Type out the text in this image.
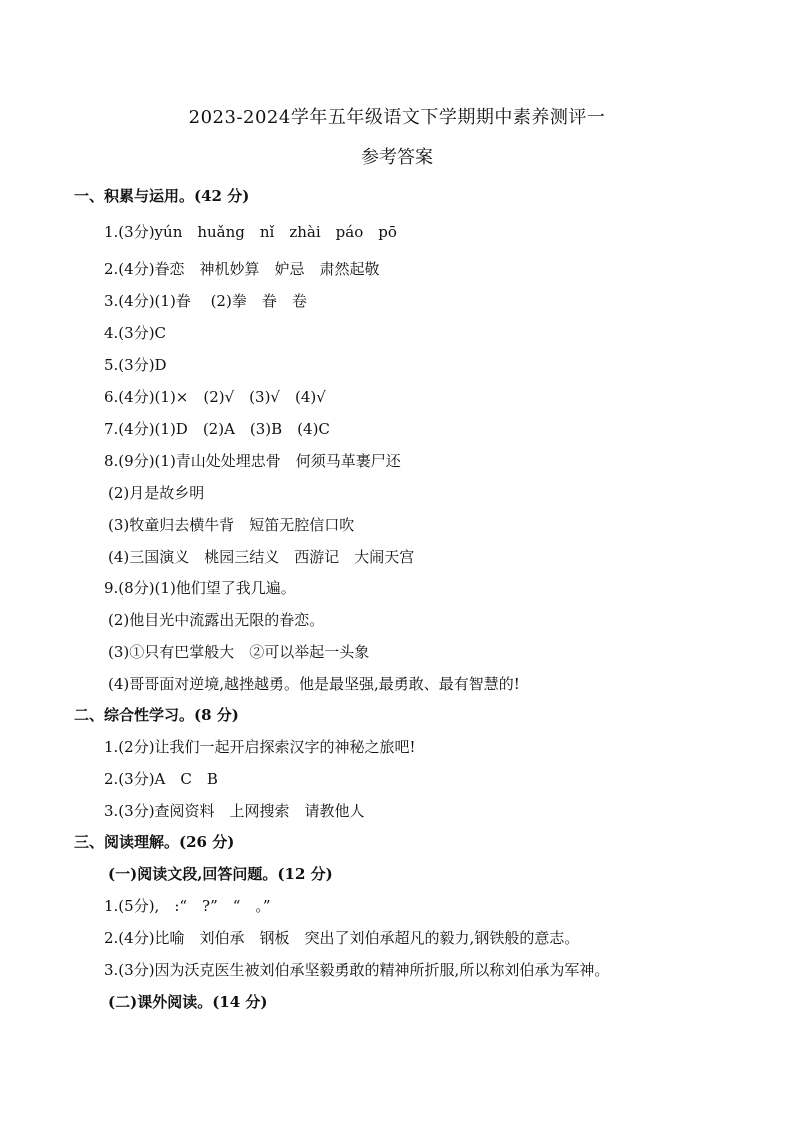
2023-2024学年五年级语文下学期期中素养测评一
参考答案
一、积累与运用。(42 分)
1.(3分)yún　huǎng　nǐ　zhài　páo　pō
2.(4分)眷恋　神机妙算　妒忌　肃然起敬
3.(4分)(1)眷　 (2)拳　眷　卷
4.(3分)C
5.(3分)D
6.(4分)(1)×　(2)√　(3)√　(4)√
7.(4分)(1)D　(2)A　(3)B　(4)C
8.(9分)(1)青山处处埋忠骨　何须马革裹尸还
(2)月是故乡明
(3)牧童归去横牛背　短笛无腔信口吹
(4)三国演义　桃园三结义　西游记　大闹天宫
9.(8分)(1)他们望了我几遍。
(2)他目光中流露出无限的眷恋。
(3)①只有巴掌般大　②可以举起一头象
(4)哥哥面对逆境,越挫越勇。他是最坚强,最勇敢、最有智慧的!
二、综合性学习。(8 分)
1.(2分)让我们一起开启探索汉字的神秘之旅吧!
2.(3分)A　C　B
3.(3分)查阅资料　上网搜索　请教他人
三、阅读理解。(26 分)
(一)阅读文段,回答问题。(12 分)
1.(5分),　:“　?”　“　。”
2.(4分)比喻　刘伯承　钢板　突出了刘伯承超凡的毅力,钢铁般的意志。
3.(3分)因为沃克医生被刘伯承坚毅勇敢的精神所折服,所以称刘伯承为军神。
(二)课外阅读。(14 分)
